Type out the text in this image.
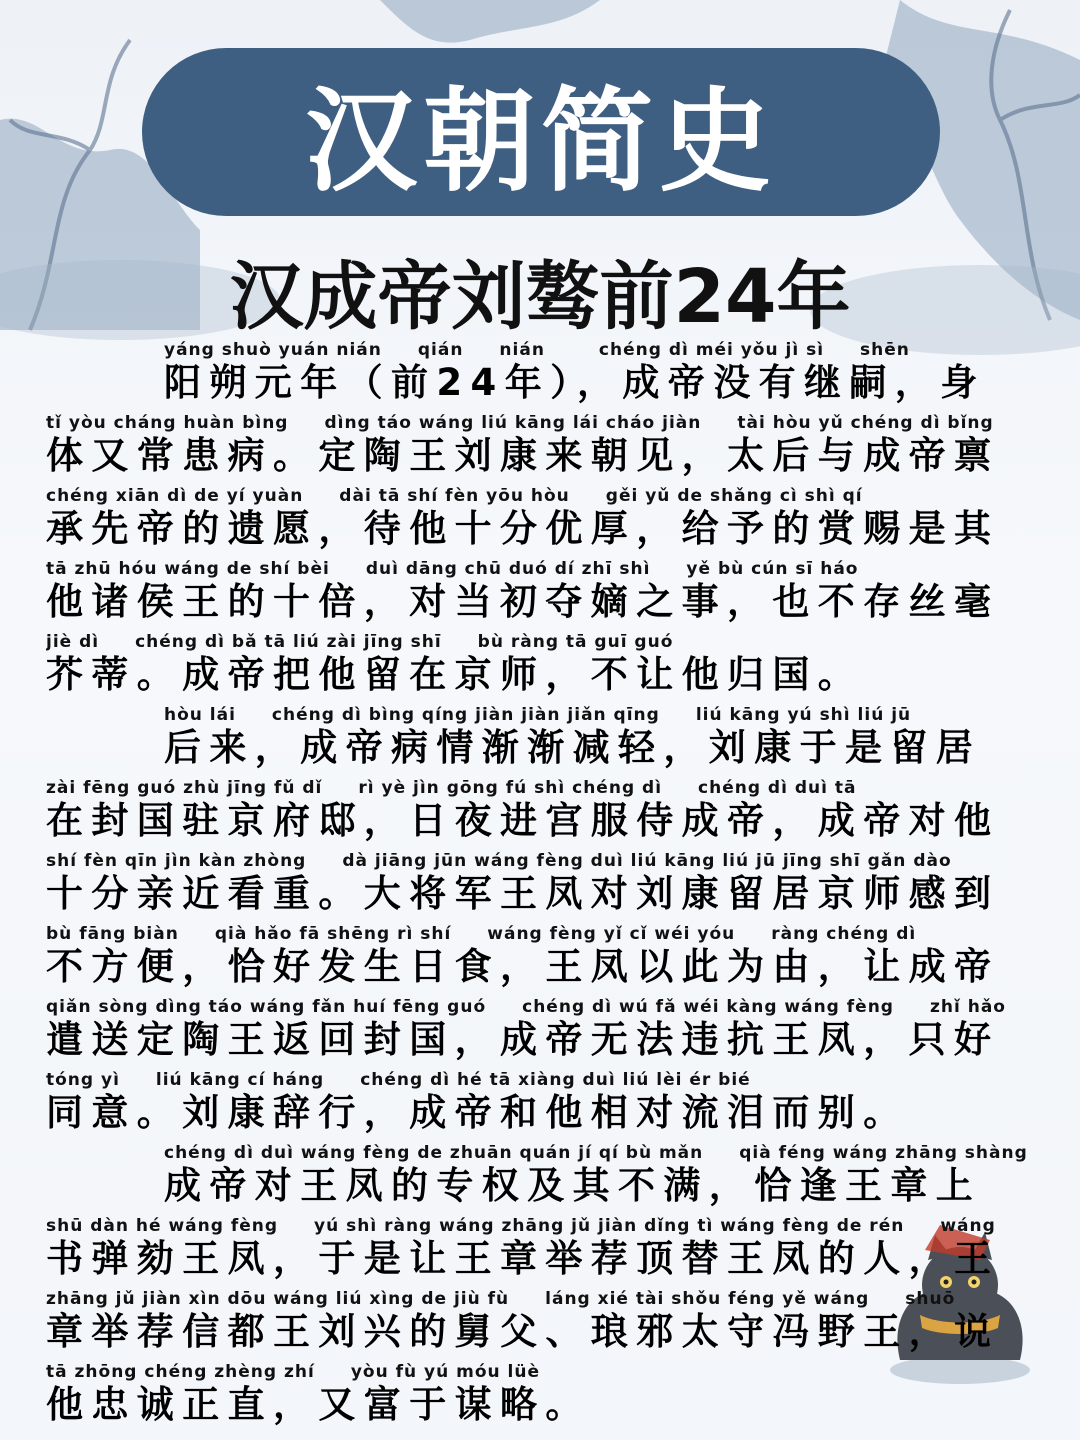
汉朝简史
汉成帝刘骜前24年
yáng shuò yuán nián　　qián　　nián　　　chéng dì méi yǒu jì sì　　shēn 阳朔元年（前24年），成帝没有继嗣，身
tǐ yòu cháng huàn bìng　　dìng táo wáng liú kāng lái cháo jiàn　　tài hòu yǔ chéng dì bǐng 体又常患病。定陶王刘康来朝见，太后与成帝禀
chéng xiān dì de yí yuàn　　dài tā shí fèn yōu hòu　　gěi yǔ de shǎng cì shì qí 承先帝的遗愿，待他十分优厚，给予的赏赐是其
tā zhū hóu wáng de shí bèi　　duì dāng chū duó dí zhī shì　　yě bù cún sī háo 他诸侯王的十倍，对当初夺嫡之事，也不存丝毫
jiè dì　　chéng dì bǎ tā liú zài jīng shī　　bù ràng tā guī guó 芥蒂。成帝把他留在京师，不让他归国。
hòu lái　　chéng dì bìng qíng jiàn jiàn jiǎn qīng　　liú kāng yú shì liú jū 后来，成帝病情渐渐减轻，刘康于是留居
zài fēng guó zhù jīng fǔ dǐ　　rì yè jìn gōng fú shì chéng dì　　chéng dì duì tā 在封国驻京府邸，日夜进宫服侍成帝，成帝对他
shí fèn qīn jìn kàn zhòng　　dà jiāng jūn wáng fèng duì liú kāng liú jū jīng shī gǎn dào 十分亲近看重。大将军王凤对刘康留居京师感到
bù fāng biàn　　qià hǎo fā shēng rì shí　　wáng fèng yǐ cǐ wéi yóu　　ràng chéng dì 不方便，恰好发生日食，王凤以此为由，让成帝
qiǎn sòng dìng táo wáng fǎn huí fēng guó　　chéng dì wú fǎ wéi kàng wáng fèng　　zhǐ hǎo 遣送定陶王返回封国，成帝无法违抗王凤，只好
tóng yì　　liú kāng cí háng　　chéng dì hé tā xiàng duì liú lèi ér bié 同意。刘康辞行，成帝和他相对流泪而别。
chéng dì duì wáng fèng de zhuān quán jí qí bù mǎn　　qià féng wáng zhāng shàng 成帝对王凤的专权及其不满，恰逢王章上
shū dàn hé wáng fèng　　yú shì ràng wáng zhāng jǔ jiàn dǐng tì wáng fèng de rén　　wáng 书弹劾王凤，于是让王章举荐顶替王凤的人，王
zhāng jǔ jiàn xìn dōu wáng liú xìng de jiù fù　　láng xié tài shǒu féng yě wáng　　shuō 章举荐信都王刘兴的舅父、琅邪太守冯野王，说
tā zhōng chéng zhèng zhí　　yòu fù yú móu lüè 他忠诚正直，又富于谋略。
